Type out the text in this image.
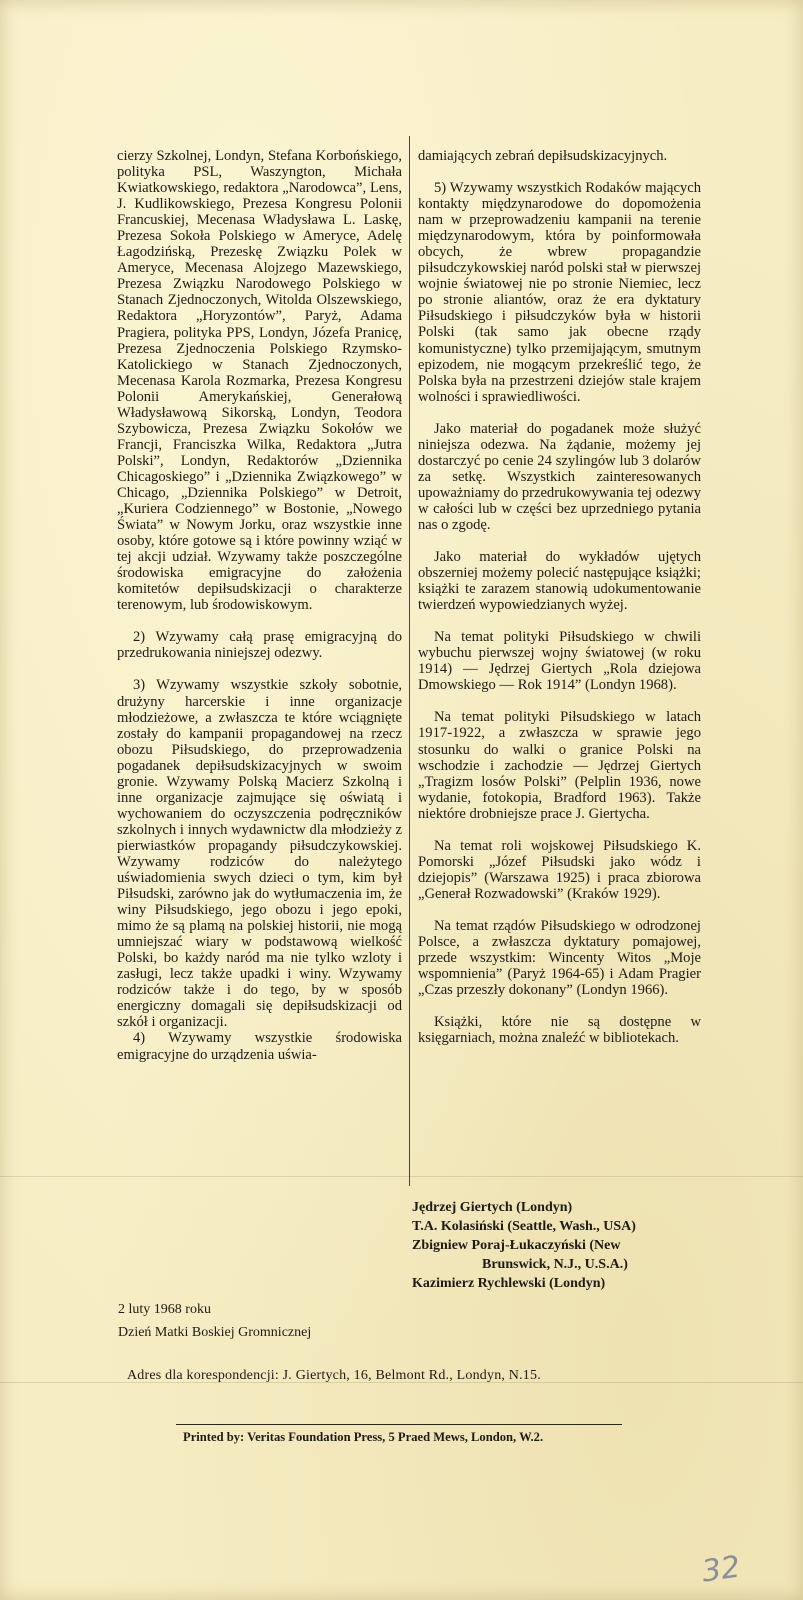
cierzy Szkolnej, Londyn, Stefana Korbońskiego, polityka PSL, Waszyngton, Michała Kwiatkowskiego, redaktora „Narodowca”, Lens, J. Kudlikowskiego, Prezesa Kongresu Polonii Francuskiej, Mecenasa Władysława L. Laskę, Prezesa Sokoła Polskiego w Ameryce, Adelę Łagodzińską, Prezeskę Związku Polek w Ameryce, Mecenasa Alojzego Mazewskiego, Prezesa Związku Narodowego Polskiego w Stanach Zjednoczonych, Witolda Olszewskiego, Redaktora „Horyzontów”, Paryż, Adama Pragiera, polityka PPS, Londyn, Józefa Pranicę, Prezesa Zjednoczenia Polskiego Rzymsko-Katolickiego w Stanach Zjednoczonych, Mecenasa Karola Rozmarka, Prezesa Kongresu Polonii Amerykańskiej, Generałową Władysławową Sikorską, Londyn, Teodora Szybowicza, Prezesa Związku Sokołów we Francji, Franciszka Wilka, Redaktora „Jutra Polski”, Londyn, Redaktorów „Dziennika Chicagoskiego” i „Dziennika Związkowego” w Chicago, „Dziennika Polskiego” w Detroit, „Kuriera Codziennego” w Bostonie, „Nowego Świata” w Nowym Jorku, oraz wszystkie inne osoby, które gotowe są i które powinny wziąć w tej akcji udział. Wzywamy także poszczególne środowiska emigracyjne do założenia komitetów depiłsudskizacji o charakterze terenowym, lub środowiskowym.

2) Wzywamy całą prasę emigracyjną do przedrukowania niniejszej odezwy.

3) Wzywamy wszystkie szkoły sobotnie, drużyny harcerskie i inne organizacje młodzieżowe, a zwłaszcza te które wciągnięte zostały do kampanii propagandowej na rzecz obozu Piłsudskiego, do przeprowadzenia pogadanek depiłsudskizacyjnych w swoim gronie. Wzywamy Polską Macierz Szkolną i inne organizacje zajmujące się oświatą i wychowaniem do oczyszczenia podręczników szkolnych i innych wydawnictw dla młodzieży z pierwiastków propagandy piłsudczykowskiej. Wzywamy rodziców do należytego uświadomienia swych dzieci o tym, kim był Piłsudski, zarówno jak do wytłumaczenia im, że winy Piłsudskiego, jego obozu i jego epoki, mimo że są plamą na polskiej historii, nie mogą umniejszać wiary w podstawową wielkość Polski, bo każdy naród ma nie tylko wzloty i zasługi, lecz także upadki i winy. Wzywamy rodziców także i do tego, by w sposób energiczny domagali się depiłsudskizacji od szkół i organizacji.

4) Wzywamy wszystkie środowiska emigracyjne do urządzenia uświa-

damiających zebrań depiłsudskizacyjnych.

5) Wzywamy wszystkich Rodaków mających kontakty międzynarodowe do dopomożenia nam w przeprowadzeniu kampanii na terenie międzynarodowym, która by poinformowała obcych, że wbrew propagandzie piłsudczykowskiej naród polski stał w pierwszej wojnie światowej nie po stronie Niemiec, lecz po stronie aliantów, oraz że era dyktatury Piłsudskiego i piłsudczyków była w historii Polski (tak samo jak obecne rządy komunistyczne) tylko przemijającym, smutnym epizodem, nie mogącym przekreślić tego, że Polska była na przestrzeni dziejów stale krajem wolności i sprawiedliwości.

Jako materiał do pogadanek może służyć niniejsza odezwa. Na żądanie, możemy jej dostarczyć po cenie 24 szylingów lub 3 dolarów za setkę. Wszystkich zainteresowanych upoważniamy do przedrukowywania tej odezwy w całości lub w części bez uprzedniego pytania nas o zgodę.

Jako materiał do wykładów ujętych obszerniej możemy polecić następujące książki; książki te zarazem stanowią udokumentowanie twierdzeń wypowiedzianych wyżej.

Na temat polityki Piłsudskiego w chwili wybuchu pierwszej wojny światowej (w roku 1914) — Jędrzej Giertych „Rola dziejowa Dmowskiego — Rok 1914” (Londyn 1968).

Na temat polityki Piłsudskiego w latach 1917-1922, a zwłaszcza w sprawie jego stosunku do walki o granice Polski na wschodzie i zachodzie — Jędrzej Giertych „Tragizm losów Polski” (Pelplin 1936, nowe wydanie, fotokopia, Bradford 1963). Także niektóre drobniejsze prace J. Giertycha.

Na temat roli wojskowej Piłsudskiego K. Pomorski „Józef Piłsudski jako wódz i dziejopis” (Warszawa 1925) i praca zbiorowa „Generał Rozwadowski” (Kraków 1929).

Na temat rządów Piłsudskiego w odrodzonej Polsce, a zwłaszcza dyktatury pomajowej, przede wszystkim: Wincenty Witos „Moje wspomnienia” (Paryż 1964-65) i Adam Pragier „Czas przeszły dokonany” (Londyn 1966).

Książki, które nie są dostępne w księgarniach, można znaleźć w bibliotekach.

Jędrzej Giertych (Londyn)
T.A. Kolasiński (Seattle, Wash., USA)
Zbigniew Poraj-Łukaczyński (New
Brunswick, N.J., U.S.A.)
Kazimierz Rychlewski (Londyn)
2 luty 1968 roku
Dzień Matki Boskiej Gromnicznej
Adres dla korespondencji: J. Giertych, 16, Belmont Rd., Londyn, N.15.
Printed by: Veritas Foundation Press, 5 Praed Mews, London, W.2.
32
